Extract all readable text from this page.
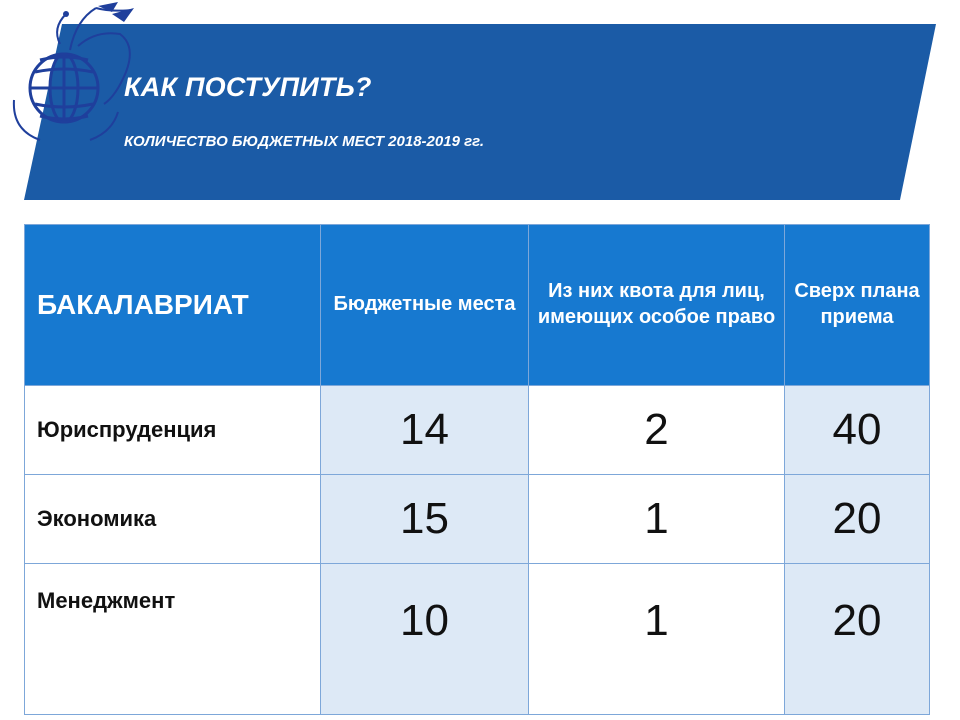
КАК ПОСТУПИТЬ?
КОЛИЧЕСТВО БЮДЖЕТНЫХ МЕСТ 2018-2019 гг.
БАКАЛАВРИАТ	Бюджетные места	Из них квота для лиц, имеющих особое право	Сверх плана приема
Юриспруденция	14	2	40
Экономика	15	1	20
Менеджмент	10	1	20
